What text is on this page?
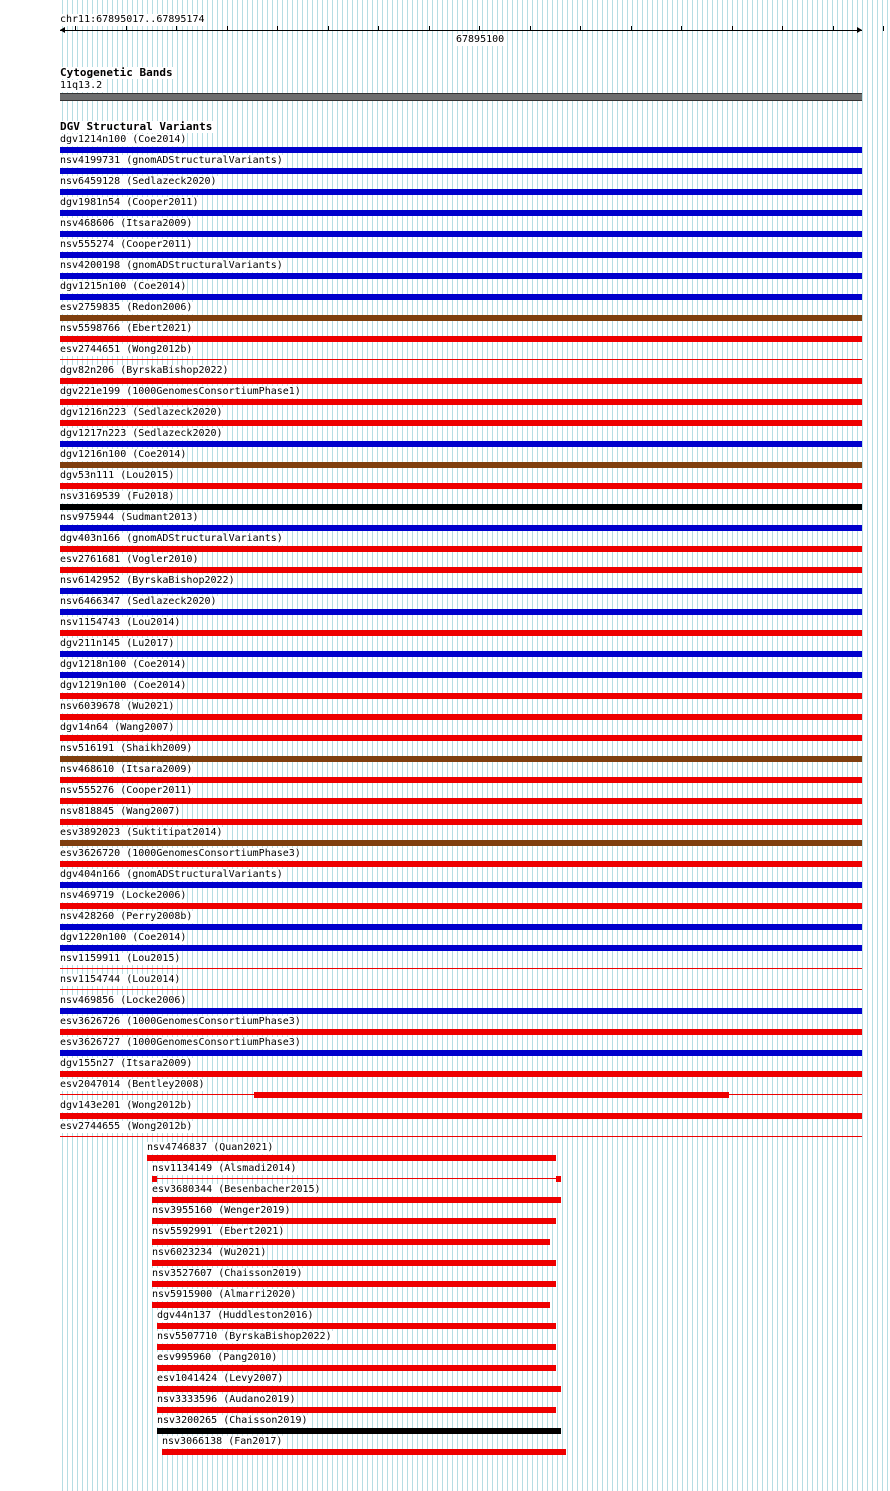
chr11:67895017..67895174
67895100
Cytogenetic Bands
11q13.2
DGV Structural Variants
dgv1214n100 (Coe2014)
nsv4199731 (gnomADStructuralVariants)
nsv6459128 (Sedlazeck2020)
dgv1981n54 (Cooper2011)
nsv468606 (Itsara2009)
nsv555274 (Cooper2011)
nsv4200198 (gnomADStructuralVariants)
dgv1215n100 (Coe2014)
esv2759835 (Redon2006)
nsv5598766 (Ebert2021)
esv2744651 (Wong2012b)
dgv82n206 (ByrskaBishop2022)
dgv221e199 (1000GenomesConsortiumPhase1)
dgv1216n223 (Sedlazeck2020)
dgv1217n223 (Sedlazeck2020)
dgv1216n100 (Coe2014)
dgv53n111 (Lou2015)
nsv3169539 (Fu2018)
nsv975944 (Sudmant2013)
dgv403n166 (gnomADStructuralVariants)
esv2761681 (Vogler2010)
nsv6142952 (ByrskaBishop2022)
nsv6466347 (Sedlazeck2020)
nsv1154743 (Lou2014)
dgv211n145 (Lu2017)
dgv1218n100 (Coe2014)
dgv1219n100 (Coe2014)
nsv6039678 (Wu2021)
dgv14n64 (Wang2007)
nsv516191 (Shaikh2009)
nsv468610 (Itsara2009)
nsv555276 (Cooper2011)
nsv818845 (Wang2007)
esv3892023 (Suktitipat2014)
esv3626720 (1000GenomesConsortiumPhase3)
dgv404n166 (gnomADStructuralVariants)
nsv469719 (Locke2006)
nsv428260 (Perry2008b)
dgv1220n100 (Coe2014)
nsv1159911 (Lou2015)
nsv1154744 (Lou2014)
nsv469856 (Locke2006)
esv3626726 (1000GenomesConsortiumPhase3)
esv3626727 (1000GenomesConsortiumPhase3)
dgv155n27 (Itsara2009)
esv2047014 (Bentley2008)
dgv143e201 (Wong2012b)
esv2744655 (Wong2012b)
nsv4746837 (Quan2021)
nsv1134149 (Alsmadi2014)
esv3680344 (Besenbacher2015)
nsv3955160 (Wenger2019)
nsv5592991 (Ebert2021)
nsv6023234 (Wu2021)
nsv3527607 (Chaisson2019)
nsv5915900 (Almarri2020)
dgv44n137 (Huddleston2016)
nsv5507710 (ByrskaBishop2022)
esv995960 (Pang2010)
esv1041424 (Levy2007)
nsv3333596 (Audano2019)
nsv3200265 (Chaisson2019)
nsv3066138 (Fan2017)
